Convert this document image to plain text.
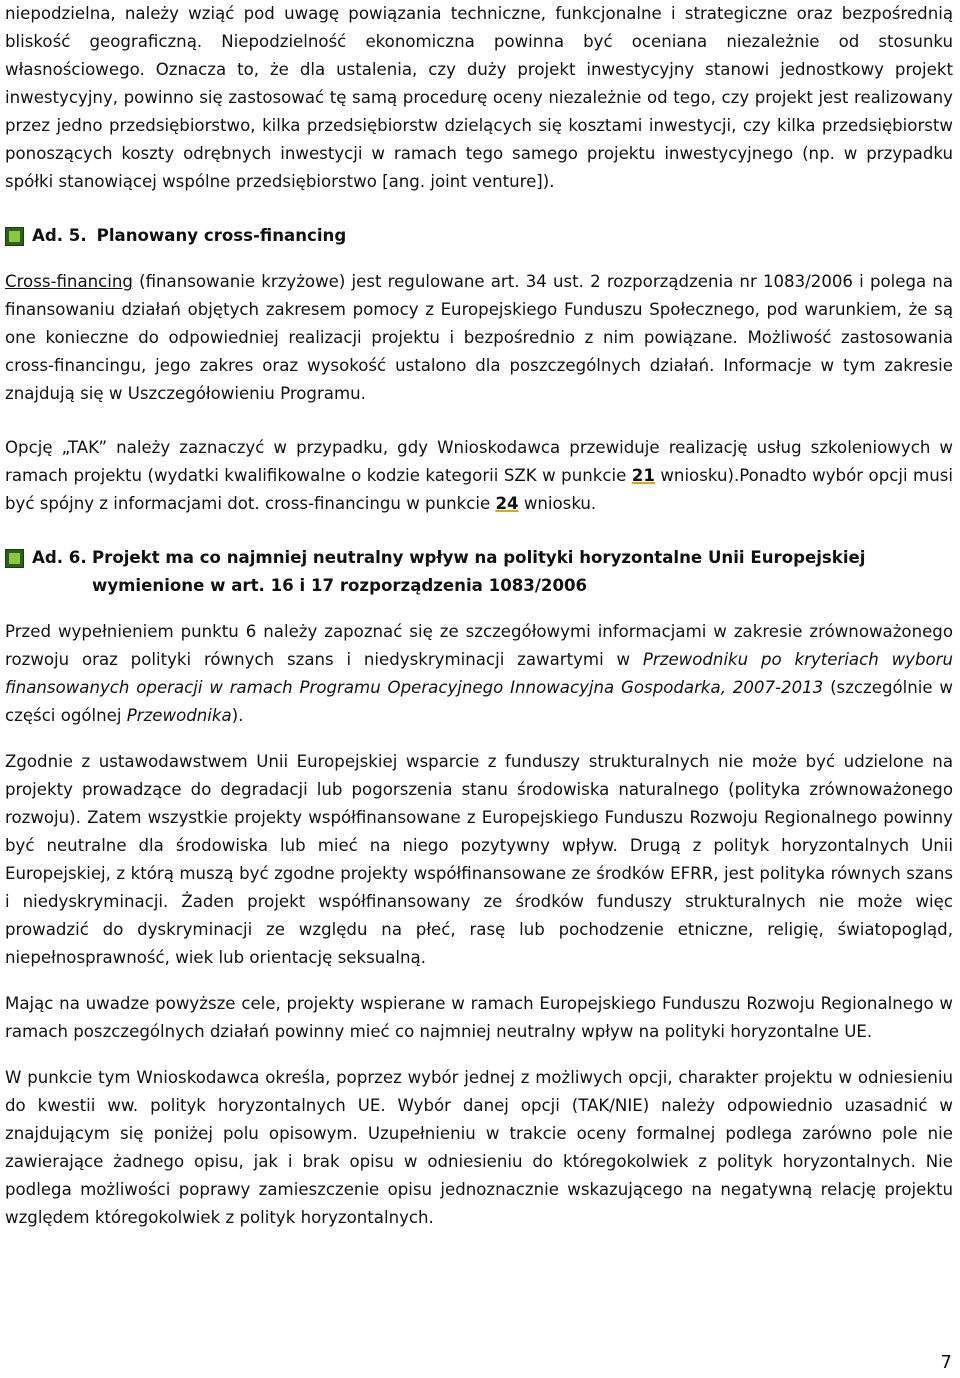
niepodzielna, należy wziąć pod uwagę powiązania techniczne, funkcjonalne i strategiczne oraz bezpośrednią bliskość geograficzną. Niepodzielność ekonomiczna powinna być oceniana niezależnie od stosunku własnościowego. Oznacza to, że dla ustalenia, czy duży projekt inwestycyjny stanowi jednostkowy projekt inwestycyjny, powinno się zastosować tę samą procedurę oceny niezależnie od tego, czy projekt jest realizowany przez jedno przedsiębiorstwo, kilka przedsiębiorstw dzielących się kosztami inwestycji, czy kilka przedsiębiorstw ponoszących koszty odrębnych inwestycji w ramach tego samego projektu inwestycyjnego (np. w przypadku spółki stanowiącej wspólne przedsiębiorstwo [ang. joint venture]).

Ad. 5. Planowany cross-financing

Cross-financing (finansowanie krzyżowe) jest regulowane art. 34 ust. 2 rozporządzenia nr 1083/2006 i polega na finansowaniu działań objętych zakresem pomocy z Europejskiego Funduszu Społecznego, pod warunkiem, że są one konieczne do odpowiedniej realizacji projektu i bezpośrednio z nim powiązane. Możliwość zastosowania cross-financingu, jego zakres oraz wysokość ustalono dla poszczególnych działań. Informacje w tym zakresie znajdują się w Uszczegółowieniu Programu.

Opcję „TAK” należy zaznaczyć w przypadku, gdy Wnioskodawca przewiduje realizację usług szkoleniowych w ramach projektu (wydatki kwalifikowalne o kodzie kategorii SZK w punkcie 21 wniosku).Ponadto wybór opcji musi być spójny z informacjami dot. cross-financingu w punkcie 24 wniosku.

Ad. 6. Projekt ma co najmniej neutralny wpływ na polityki horyzontalne Unii Europejskiej wymienione w art. 16 i 17 rozporządzenia 1083/2006

Przed wypełnieniem punktu 6 należy zapoznać się ze szczegółowymi informacjami w zakresie zrównoważonego rozwoju oraz polityki równych szans i niedyskryminacji zawartymi w Przewodniku po kryteriach wyboru finansowanych operacji w ramach Programu Operacyjnego Innowacyjna Gospodarka, 2007-2013 (szczególnie w części ogólnej Przewodnika).

Zgodnie z ustawodawstwem Unii Europejskiej wsparcie z funduszy strukturalnych nie może być udzielone na projekty prowadzące do degradacji lub pogorszenia stanu środowiska naturalnego (polityka zrównoważonego rozwoju). Zatem wszystkie projekty współfinansowane z Europejskiego Funduszu Rozwoju Regionalnego powinny być neutralne dla środowiska lub mieć na niego pozytywny wpływ. Drugą z polityk horyzontalnych Unii Europejskiej, z którą muszą być zgodne projekty współfinansowane ze środków EFRR, jest polityka równych szans i niedyskryminacji. Żaden projekt współfinansowany ze środków funduszy strukturalnych nie może więc prowadzić do dyskryminacji ze względu na płeć, rasę lub pochodzenie etniczne, religię, światopogląd, niepełnosprawność, wiek lub orientację seksualną.

Mając na uwadze powyższe cele, projekty wspierane w ramach Europejskiego Funduszu Rozwoju Regionalnego w ramach poszczególnych działań powinny mieć co najmniej neutralny wpływ na polityki horyzontalne UE.

W punkcie tym Wnioskodawca określa, poprzez wybór jednej z możliwych opcji, charakter projektu w odniesieniu do kwestii ww. polityk horyzontalnych UE. Wybór danej opcji (TAK/NIE) należy odpowiednio uzasadnić w znajdującym się poniżej polu opisowym. Uzupełnieniu w trakcie oceny formalnej podlega zarówno pole nie zawierające żadnego opisu, jak i brak opisu w odniesieniu do któregokolwiek z polityk horyzontalnych. Nie podlega możliwości poprawy zamieszczenie opisu jednoznacznie wskazującego na negatywną relację projektu względem któregokolwiek z polityk horyzontalnych.

7
